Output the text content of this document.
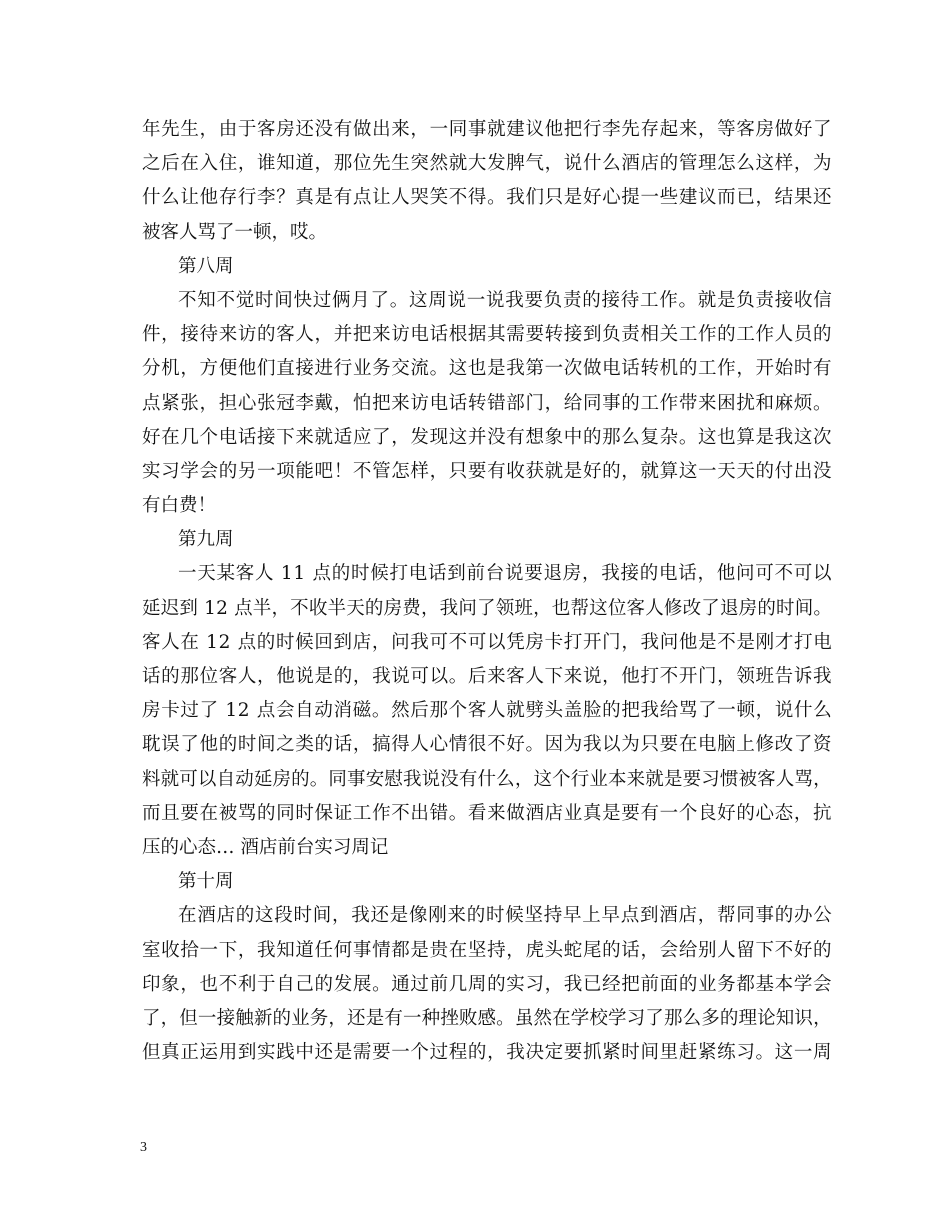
年 先 生 ， 由 于 客 房 还 没 有 做 出 来 ， 一 同 事 就 建 议 他 把 行 李 先 存 起 来 ， 等 客 房 做 好 了
之 后 在 入 住 ， 谁 知 道 ， 那 位 先 生 突 然 就 大 发 脾 气 ， 说 什 么 酒 店 的 管 理 怎 么 这 样 ， 为
什 么 让 他 存 行 李 ？ 真 是 有 点 让 人 哭 笑 不 得 。 我 们 只 是 好 心 提 一 些 建 议 而 已 ， 结 果 还
被客人骂了一顿，哎。
第八周
不 知 不 觉 时 间 快 过 俩 月 了 。 这 周 说 一 说 我 要 负 责 的 接 待 工 作 。 就 是 负 责 接 收 信
件 ， 接 待 来 访 的 客 人 ， 并 把 来 访 电 话 根 据 其 需 要 转 接 到 负 责 相 关 工 作 的 工 作 人 员 的
分 机 ， 方 便 他 们 直 接 进 行 业 务 交 流 。 这 也 是 我 第 一 次 做 电 话 转 机 的 工 作 ， 开 始 时 有
点 紧 张 ， 担 心 张 冠 李 戴 ， 怕 把 来 访 电 话 转 错 部 门 ， 给 同 事 的 工 作 带 来 困 扰 和 麻 烦 。
好 在 几 个 电 话 接 下 来 就 适 应 了 ， 发 现 这 并 没 有 想 象 中 的 那 么 复 杂 。 这 也 算 是 我 这 次
实 习 学 会 的 另 一 项 能 吧 ！ 不 管 怎 样 ， 只 要 有 收 获 就 是 好 的 ， 就 算 这 一 天 天 的 付 出 没
有白费！
第九周
一 天 某 客 人
1 1
点 的 时 候 打 电 话 到 前 台 说 要 退 房 ， 我 接 的 电 话 ， 他 问 可 不 可 以
延 迟 到
1 2
点 半 ， 不 收 半 天 的 房 费 ， 我 问 了 领 班 ， 也 帮 这 位 客 人 修 改 了 退 房 的 时 间 。
客 人 在
1 2
点 的 时 候 回 到 店 ， 问 我 可 不 可 以 凭 房 卡 打 开 门 ， 我 问 他 是 不 是 刚 才 打 电
话 的 那 位 客 人 ， 他 说 是 的 ， 我 说 可 以 。 后 来 客 人 下 来 说 ， 他 打 不 开 门 ， 领 班 告 诉 我
房 卡 过 了
1 2
点 会 自 动 消 磁 。 然 后 那 个 客 人 就 劈 头 盖 脸 的 把 我 给 骂 了 一 顿 ， 说 什 么
耽 误 了 他 的 时 间 之 类 的 话 ， 搞 得 人 心 情 很 不 好 。 因 为 我 以 为 只 要 在 电 脑 上 修 改 了 资
料 就 可 以 自 动 延 房 的 。 同 事 安 慰 我 说 没 有 什 么 ， 这 个 行 业 本 来 就 是 要 习 惯 被 客 人 骂 ，
而 且 要 在 被 骂 的 同 时 保 证 工 作 不 出 错 。 看 来 做 酒 店 业 真 是 要 有 一 个 良 好 的 心 态 ， 抗
压的心态… 酒店前台实习周记
第十周
在 酒 店 的 这 段 时 间 ， 我 还 是 像 刚 来 的 时 候 坚 持 早 上 早 点 到 酒 店 ， 帮 同 事 的 办 公
室 收 拾 一 下 ， 我 知 道 任 何 事 情 都 是 贵 在 坚 持 ， 虎 头 蛇 尾 的 话 ， 会 给 别 人 留 下 不 好 的
印 象 ， 也 不 利 于 自 己 的 发 展 。 通 过 前 几 周 的 实 习 ， 我 已 经 把 前 面 的 业 务 都 基 本 学 会
了 ， 但 一 接 触 新 的 业 务 ， 还 是 有 一 种 挫 败 感 。 虽 然 在 学 校 学 习 了 那 么 多 的 理 论 知 识 ，
但 真 正 运 用 到 实 践 中 还 是 需 要 一 个 过 程 的 ， 我 决 定 要 抓 紧 时 间 里 赶 紧 练 习 。 这 一 周
3
